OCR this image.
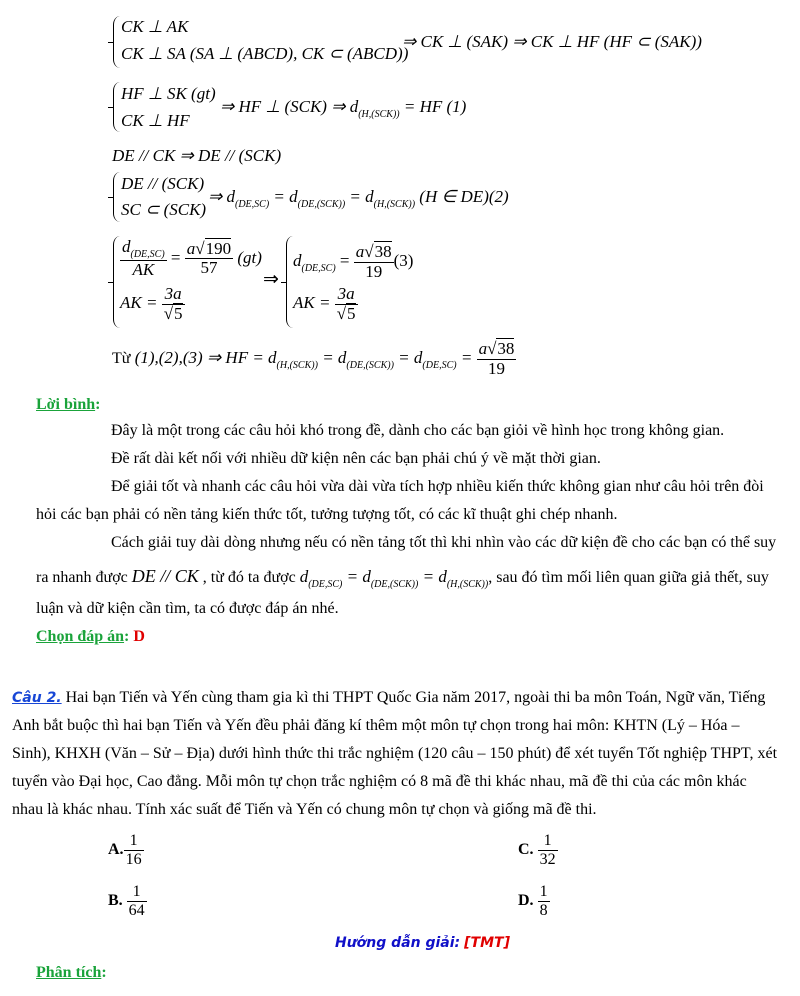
CK ⊥ AK
CK ⊥ SA (SA ⊥ (ABCD), CK ⊂ (ABCD))
⇒ CK ⊥ (SAK) ⇒ CK ⊥ HF (HF ⊂ (SAK))
HF ⊥ SK (gt)
CK ⊥ HF
⇒ HF ⊥ (SCK) ⇒ $d_{(H,(SCK))}$ = HF (1)
DE // CK ⇒ DE // (SCK)
DE // (SCK)
SC ⊂ (SCK)
⇒ $d_{(DE,SC)} = d_{(DE,(SCK))} = d_{(H,(SCK))}$ (H ∈ DE)(2)
$\frac{d_{(DE,SC)}}{AK} = \frac{a√190}{57} (gt)$
AK = $\frac{3a}{√5}$
⇒
$d_{(DE,SC)} = \frac{a√38}{19} (3)$
AK = $\frac{3a}{√5}$
Từ (1),(2),(3) ⇒ HF = $d_{(H,(SCK))} = d_{(DE,(SCK))} = d_{(DE,SC)} = \frac{a√38}{19}$
Lời bình:
Đây là một trong các câu hỏi khó trong đề, dành cho các bạn giỏi về hình học trong không gian.
Đề rất dài kết nối với nhiều dữ kiện nên các bạn phải chú ý về mặt thời gian.
Để giải tốt và nhanh các câu hỏi vừa dài vừa tích hợp nhiều kiến thức không gian như câu hỏi trên đòi
hỏi các bạn phải có nền tảng kiến thức tốt, tưởng tượng tốt, có các kĩ thuật ghi chép nhanh.
Cách giải tuy dài dòng nhưng nếu có nền tảng tốt thì khi nhìn vào các dữ kiện đề cho các bạn có thể suy
ra nhanh được DE // CK , từ đó ta được $d_{(DE,SC)} = d_{(DE,(SCK))} = d_{(H,(SCK))}$, sau đó tìm mối liên quan giữa giả thết, suy
luận và dữ kiện cần tìm, ta có được đáp án nhé.
Chọn đáp án: D
Câu 2. Hai bạn Tiến và Yến cùng tham gia kì thi THPT Quốc Gia năm 2017, ngoài thi ba môn Toán, Ngữ văn, Tiếng
Anh bắt buộc thì hai bạn Tiến và Yến đều phải đăng kí thêm một môn tự chọn trong hai môn: KHTN (Lý – Hóa –
Sinh), KHXH (Văn – Sử – Địa) dưới hình thức thi trắc nghiệm (120 câu – 150 phút) để xét tuyển Tốt nghiệp THPT, xét
tuyển vào Đại học, Cao đẳng. Mỗi môn tự chọn trắc nghiệm có 8 mã đề thi khác nhau, mã đề thi của các môn khác
nhau là khác nhau. Tính xác suất để Tiến và Yến có chung môn tự chọn và giống mã đề thi.
A. $\frac{1}{16}$
B. $\frac{1}{64}$
C. $\frac{1}{32}$
D. $\frac{1}{8}$
Hướng dẫn giải: [TMT]
Phân tích:
